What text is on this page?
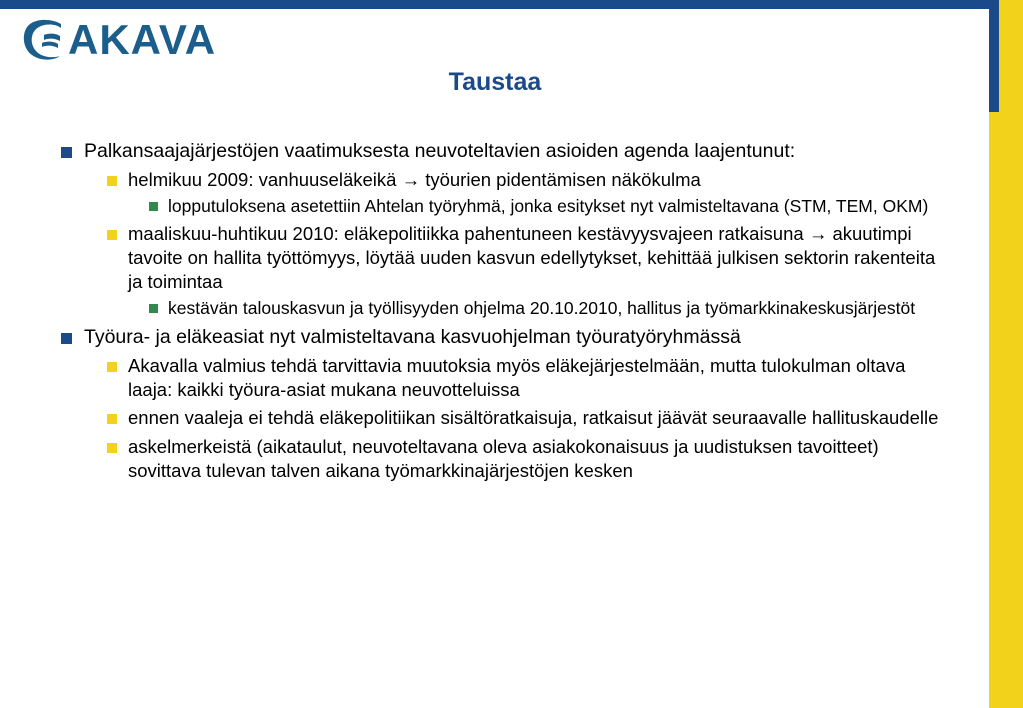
AKAVA
Taustaa
Palkansaajajärjestöjen vaatimuksesta neuvoteltavien asioiden agenda laajentunut:
helmikuu 2009: vanhuuseläkeikä → työurien pidentämisen näkökulma
lopputuloksena asetettiin Ahtelan työryhmä, jonka esitykset nyt valmisteltavana (STM, TEM, OKM)
maaliskuu-huhtikuu 2010: eläkepolitiikka pahentuneen kestävyysvajeen ratkaisuna → akuutimpi tavoite on hallita työttömyys, löytää uuden kasvun edellytykset, kehittää julkisen sektorin rakenteita ja toimintaa
kestävän talouskasvun ja työllisyyden ohjelma 20.10.2010, hallitus ja työmarkkinakeskusjärjestöt
Työura- ja eläkeasiat nyt valmisteltavana kasvuohjelman työuratyöryhmässä
Akavalla valmius tehdä tarvittavia muutoksia myös eläkejärjestelmään, mutta tulokulman oltava laaja: kaikki työura-asiat mukana neuvotteluissa
ennen vaaleja ei tehdä eläkepolitiikan sisältöratkaisuja, ratkaisut jäävät seuraavalle hallituskaudelle
askelmerkeistä (aikataulut, neuvoteltavana oleva asiakokonaisuus ja uudistuksen tavoitteet) sovittava tulevan talven aikana työmarkkinajärjestöjen kesken
